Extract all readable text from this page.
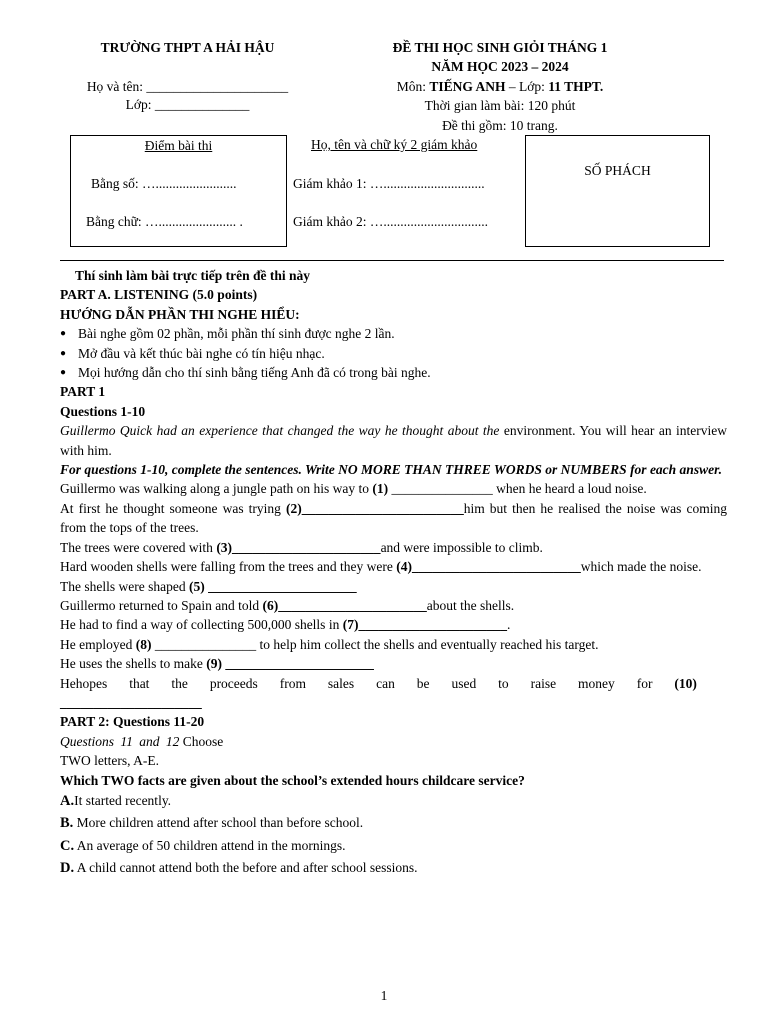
TRƯỜNG THPT A HẢI HẬU
Họ và tên: _____________________
Lớp: ______________
ĐỀ THI HỌC SINH GIỎI THÁNG 1
NĂM HỌC 2023 – 2024
Môn: TIẾNG ANH – Lớp: 11 THPT.
Thời gian làm bài: 120 phút
Đề thi gồm: 10 trang.
Điểm bài thi
Bằng số: …........................
Bằng chữ: …....................... .
Họ, tên và chữ ký 2 giám khảo
Giám khảo 1: …..............................
Giám khảo 2: …...............................
SỐ PHÁCH

Thí sinh làm bài trực tiếp trên đề thi này

PART A. LISTENING (5.0 points)

HƯỚNG DẪN PHẦN THI NGHE HIỂU:

● Bài nghe gồm 02 phần, mỗi phần thí sinh được nghe 2 lần.

● Mở đầu và kết thúc bài nghe có tín hiệu nhạc.

● Mọi hướng dẫn cho thí sinh bằng tiếng Anh đã có trong bài nghe.

PART 1

Questions 1-10

Guillermo Quick had an experience that changed the way he thought about the environment. You will hear an interview with him.

For questions 1-10, complete the sentences. Write NO MORE THAN THREE WORDS or NUMBERS for each answer.

Guillermo was walking along a jungle path on his way to (1) _______________ when he heard a loud noise.

At first he thought someone was trying (2)________________________him but then he realised the noise was coming from the tops of the trees.

The trees were covered with (3)______________________and were impossible to climb.

Hard wooden shells were falling from the trees and they were (4)_________________________which made the noise.

The shells were shaped (5) ______________________

Guillermo returned to Spain and told (6)______________________about the shells.

He had to find a way of collecting 500,000 shells in (7)______________________.

He employed (8) _______________ to help him collect the shells and eventually reached his target.

He uses the shells to make (9) ______________________

Hehopes that the proceeds from sales can be used to raise money for (10)

_____________________

PART 2: Questions 11-20

Questions 11 and 12 Choose

TWO letters, A-E.

Which TWO facts are given about the school’s extended hours childcare service?

A.It started recently.

B. More children attend after school than before school.

C. An average of 50 children attend in the mornings.

D. A child cannot attend both the before and after school sessions.

1
